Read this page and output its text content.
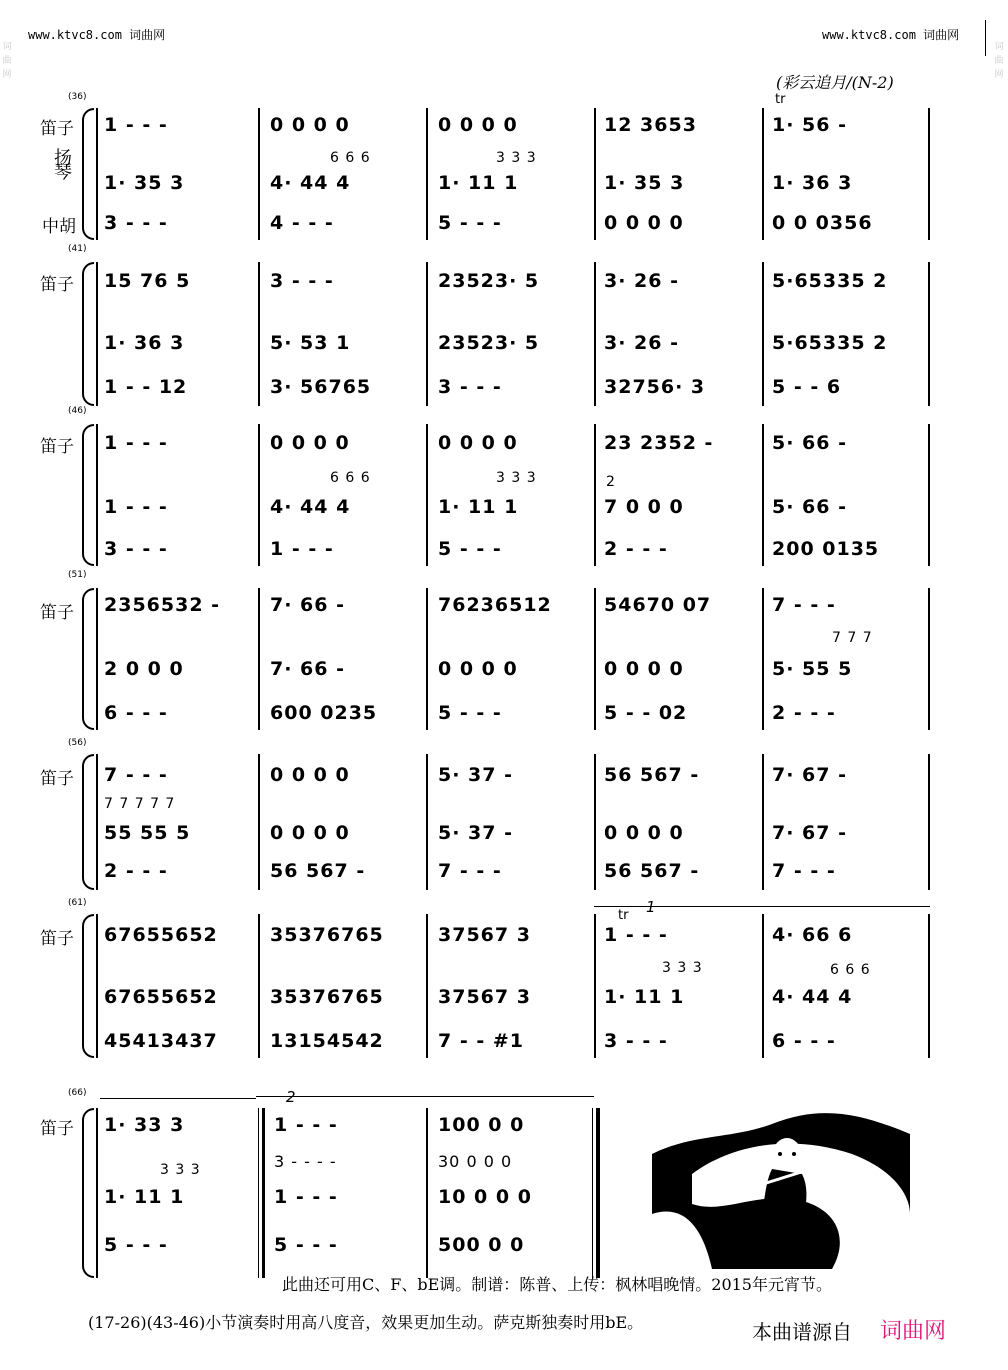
www.ktvc8.com 词曲网	www.ktvc8.com 词曲网
词曲网
词曲网
(彩云追月/(N-2)
(36)
笛子
扬琴
中胡
tr
1 - - -	0 0 0 0	0 0 0 0	12 3653	1· 56 -
6 6 6	3 3 3
1· 35 3	4· 44 4	1· 11 1	1· 35 3	1· 36 3
3 - - -	4 - - -	5 - - -	0 0 0 0	0 0 0356
(41)
笛子 15 76 5	3 - - -	23523· 5	3· 26 -	5·65335 2
1· 36 3	5· 53 1	23523· 5	3· 26 -	5·65335 2
1 - - 12	3· 56765	3 - - -	32756· 3	5 - - 6
(46)
笛子 1 - - -	0 0 0 0	0 0 0 0	23 2352 -	5· 66 -
6 6 6	3 3 3	2
1 - - -	4· 44 4	1· 11 1	7 0 0 0	5· 66 -
3 - - -	1 - - -	5 - - -	2 - - -	200 0135
(51)
笛子 2356532 -	7· 66 -	76236512	54670 07	7 - - -
7 7 7
2 0 0 0	7· 66 -	0 0 0 0	0 0 0 0	5· 55 5
6 - - -	600 0235	5 - - -	5 - - 02	2 - - -
(56)
笛子 7 - - -	0 0 0 0	5· 37 -	56 567 -	7· 67 -
7 7 7 7 7
55 55 5	0 0 0 0	5· 37 -	0 0 0 0	7· 67 -
2 - - -	56 567 -	7 - - -	56 567 -	7 - - -
(61)
笛子
tr 1
67655652	35376765	37567 3	1 - - -	4· 66 6
3 3 3	6 6 6
67655652	35376765	37567 3	1· 11 1	4· 44 4
45413437	13154542	7 - - #1	3 - - -	6 - - -
(66)
笛子
2
1· 33 3	1 - - -	100 0 0
3 3 3	3 - - - -	30 0 0 0
1· 11 1	1 - - -	10 0 0 0
5 - - -	5 - - -	500 0 0
此曲还可用C、F、bE调。制谱：陈普、上传：枫林唱晚情。2015年元宵节。
(17-26)(43-46)小节演奏时用高八度音，效果更加生动。萨克斯独奏时用bE。	本曲谱源自 词曲网
